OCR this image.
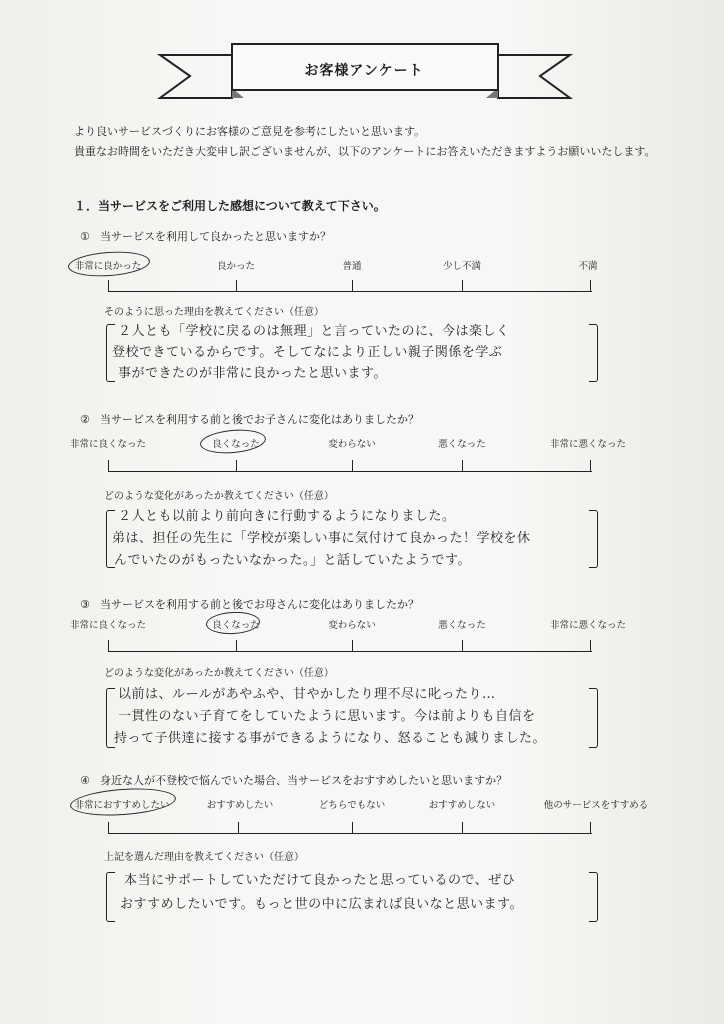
お客様アンケート
より良いサービスづくりにお客様のご意見を参考にしたいと思います。
貴重なお時間をいただき大変申し訳ございませんが、以下のアンケートにお答えいただきますようお願いいたします。
１．当サービスをご利用した感想について教えて下さい。
① 当サービスを利用して良かったと思いますか？
非常に良かった	良かった	普通	少し不満	不満
そのように思った理由を教えてください（任意）
２人とも「学校に戻るのは無理」と言っていたのに、今は楽しく
登校できているからです。そしてなにより正しい親子関係を学ぶ
事ができたのが非常に良かったと思います。
② 当サービスを利用する前と後でお子さんに変化はありましたか？
非常に良くなった	良くなった	変わらない	悪くなった	非常に悪くなった
どのような変化があったか教えてください（任意）
２人とも以前より前向きに行動するようになりました。
弟は、担任の先生に「学校が楽しい事に気付けて良かった！学校を休
んでいたのがもったいなかった。」と話していたようです。
③ 当サービスを利用する前と後でお母さんに変化はありましたか？
非常に良くなった	良くなった	変わらない	悪くなった	非常に悪くなった
どのような変化があったか教えてください（任意）
以前は、ルールがあやふや、甘やかしたり理不尽に叱ったり…
一貫性のない子育てをしていたように思います。今は前よりも自信を
持って子供達に接する事ができるようになり、怒ることも減りました。
④ 身近な人が不登校で悩んでいた場合、当サービスをおすすめしたいと思いますか？
非常におすすめしたい	おすすめしたい	どちらでもない	おすすめしない	他のサービスをすすめる
上記を選んだ理由を教えてください（任意）
本当にサポートしていただけて良かったと思っているので、ぜひ
おすすめしたいです。もっと世の中に広まれば良いなと思います。
